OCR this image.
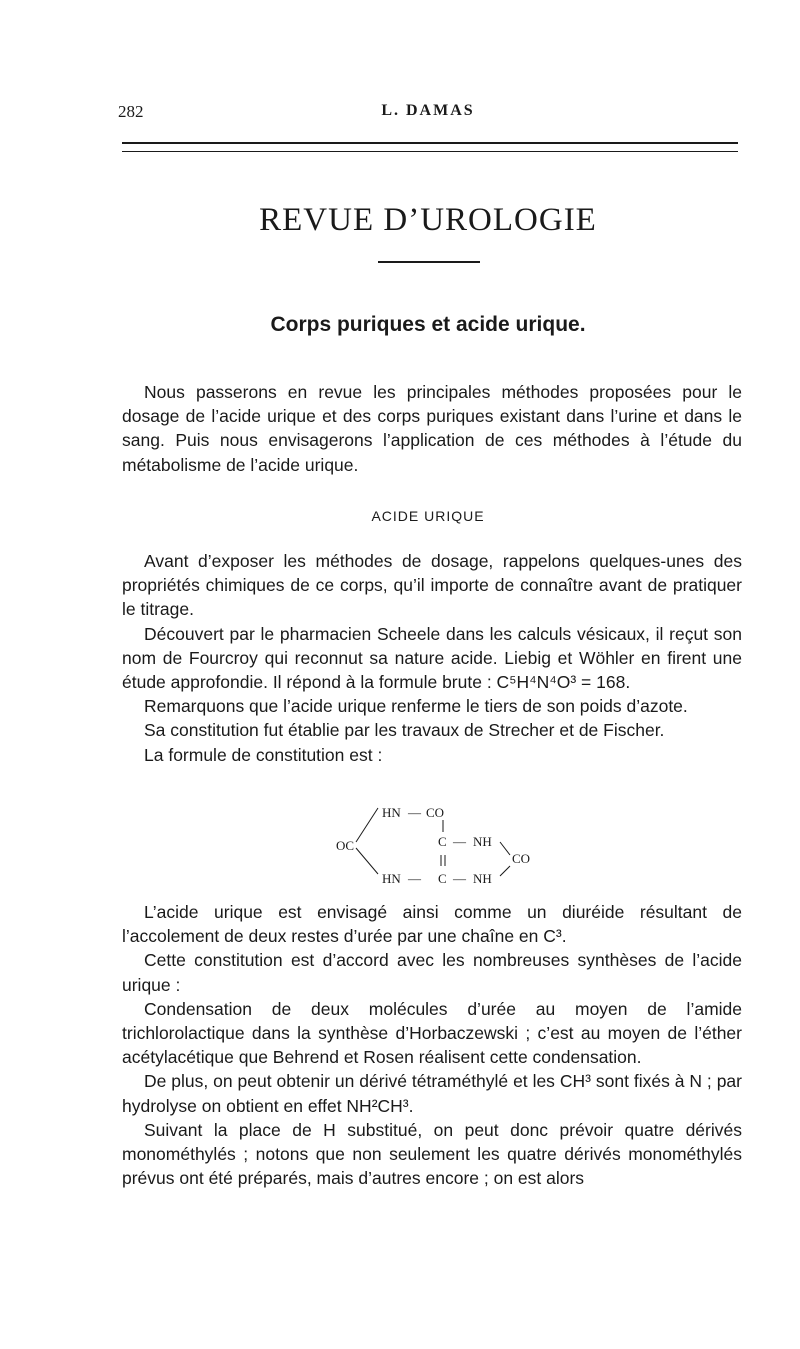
282	L. DAMAS
REVUE D’UROLOGIE
Corps puriques et acide urique.

Nous passerons en revue les principales méthodes proposées pour le dosage de l’acide urique et des corps puriques existant dans l’urine et dans le sang. Puis nous envisagerons l’application de ces méthodes à l’étude du métabolisme de l’acide urique.

ACIDE URIQUE

Avant d’exposer les méthodes de dosage, rappelons quelques-unes des propriétés chimiques de ce corps, qu’il importe de connaître avant de pratiquer le titrage.

Découvert par le pharmacien Scheele dans les calculs vésicaux, il reçut son nom de Fourcroy qui reconnut sa nature acide. Liebig et Wöhler en firent une étude approfondie. Il répond à la formule brute : C⁵H⁴N⁴O³ = 168.

Remarquons que l’acide urique renferme le tiers de son poids d’azote.

Sa constitution fut établie par les travaux de Strecher et de Fischer.

La formule de constitution est :

HN — CO
OC	C — NH
CO
HN — C — NH

L’acide urique est envisagé ainsi comme un diuréide résultant de l’accolement de deux restes d’urée par une chaîne en C³.

Cette constitution est d’accord avec les nombreuses synthèses de l’acide urique :

Condensation de deux molécules d’urée au moyen de l’amide trichlorolactique dans la synthèse d’Horbaczewski ; c’est au moyen de l’éther acétylacétique que Behrend et Rosen réalisent cette condensation.

De plus, on peut obtenir un dérivé tétraméthylé et les CH³ sont fixés à N ; par hydrolyse on obtient en effet NH²CH³.

Suivant la place de H substitué, on peut donc prévoir quatre dérivés monométhylés ; notons que non seulement les quatre dérivés monométhylés prévus ont été préparés, mais d’autres encore ; on est alors
